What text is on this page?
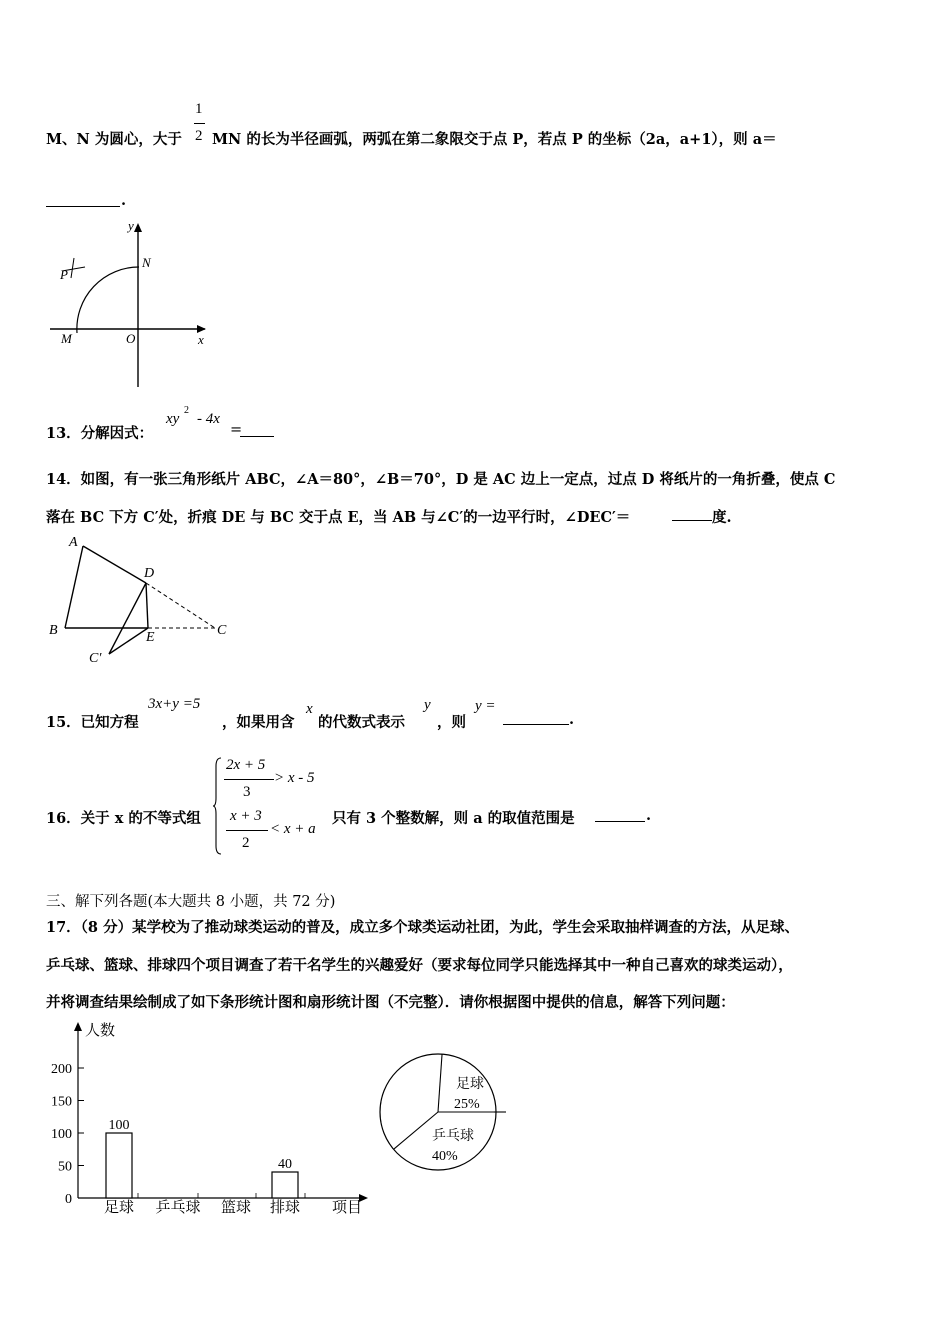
M、N 为圆心，大于
1
2 MN 的长为半径画弧，两弧在第二象限交于点 P，若点 P 的坐标（2a，a+1），则 a＝
.
y
x
N
P
M	O
13．分解因式：
xy
2
- 4x
=
14．如图，有一张三角形纸片 ABC，∠A＝80°，∠B＝70°，D 是 AC 边上一定点，过点 D 将纸片的一角折叠，使点 C
落在 BC 下方 C′处，折痕 DE 与 BC 交于点 E，当 AB 与∠C′的一边平行时，∠DEC′＝	度.
A
B	C
D
E
C′
15．已知方程
3x+y =5
，如果用含
x
的代数式表示
y
，则
y =
.
16．关于 x 的不等式组
2x + 5
3
> x - 5
x + 3
2
< x + a
只有 3 个整数解，则 a 的取值范围是	.
三、解下列各题(本大题共 8 小题，共 72 分)
17．（8 分）某学校为了推动球类运动的普及，成立多个球类运动社团，为此，学生会采取抽样调查的方法，从足球、
乒乓球、篮球、排球四个项目调查了若干名学生的兴趣爱好（要求每位同学只能选择其中一种自己喜欢的球类运动），
并将调查结果绘制成了如下条形统计图和扇形统计图（不完整）．请你根据图中提供的信息，解答下列问题：
人数
项目
0
50
100
150
200
100
40
足球 乒乓球 篮球 排球
足球
25%
乒乓球
40%
